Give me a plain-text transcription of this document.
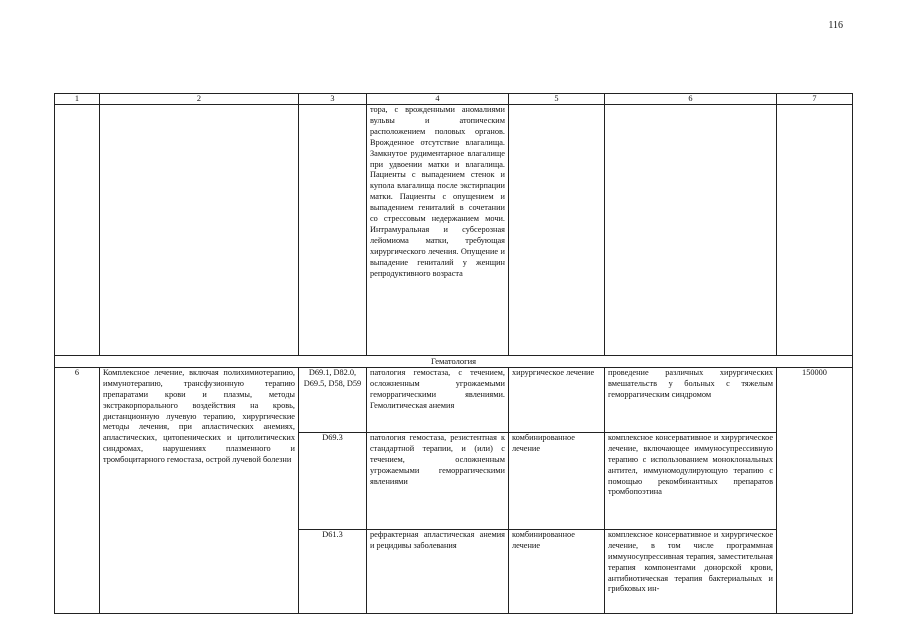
116
1	2	3	4	5	6	7
			тора, с врожденными аномалиями вульвы и атопическим расположением половых органов. Врожденное отсутствие влагалища. Замкнутое рудиментарное влагалище при удвоении матки и влагалища. Пациенты с выпадением стенок и купола влагалища после экстирпации матки. Пациенты с опущением и выпадением гениталий в сочетании со стрессовым недержанием мочи. Интрамуральная и субсерозная лейомиома матки, требующая хирургического лечения. Опущение и выпадение гениталий у женщин репродуктивного возраста			
Гематология						
6	Комплексное лечение, включая полихимиотерапию, иммунотерапию, трансфузионную терапию препаратами крови и плазмы, методы экстракорпорального воздействия на кровь, дистанционную лучевую терапию, хирургические методы лечения, при апластических анемиях, апластических, цитопенических и цитолитических синдромах, нарушениях плазменного и тромбоцитарного гемостаза, острой лучевой болезни	D69.1, D82.0, D69.5, D58, D59	патология гемостаза, с течением, осложненным угрожаемыми геморрагическими явлениями. Гемолитическая анемия	хирургическое лечение	проведение различных хирургических вмешательств у больных с тяжелым геморрагическим синдромом	150000
		D69.3	патология гемостаза, резистентная к стандартной терапии, и (или) с течением, осложненным угрожаемыми геморрагическими явлениями	комбинированное лечение	комплексное консервативное и хирургическое лечение, включающее иммуносупрессивную терапию с использованием моноклональных антител, иммуномодулирующую терапию с помощью рекомбинантных препаратов тромбопоэтина	
		D61.3	рефрактерная апластическая анемия и рецидивы заболевания	комбинированное лечение	комплексное консервативное и хирургическое лечение, в том числе программная иммуносупрессивная терапия, заместительная терапия компонентами донорской крови, антибиотическая терапия бактериальных и грибковых ин-	
